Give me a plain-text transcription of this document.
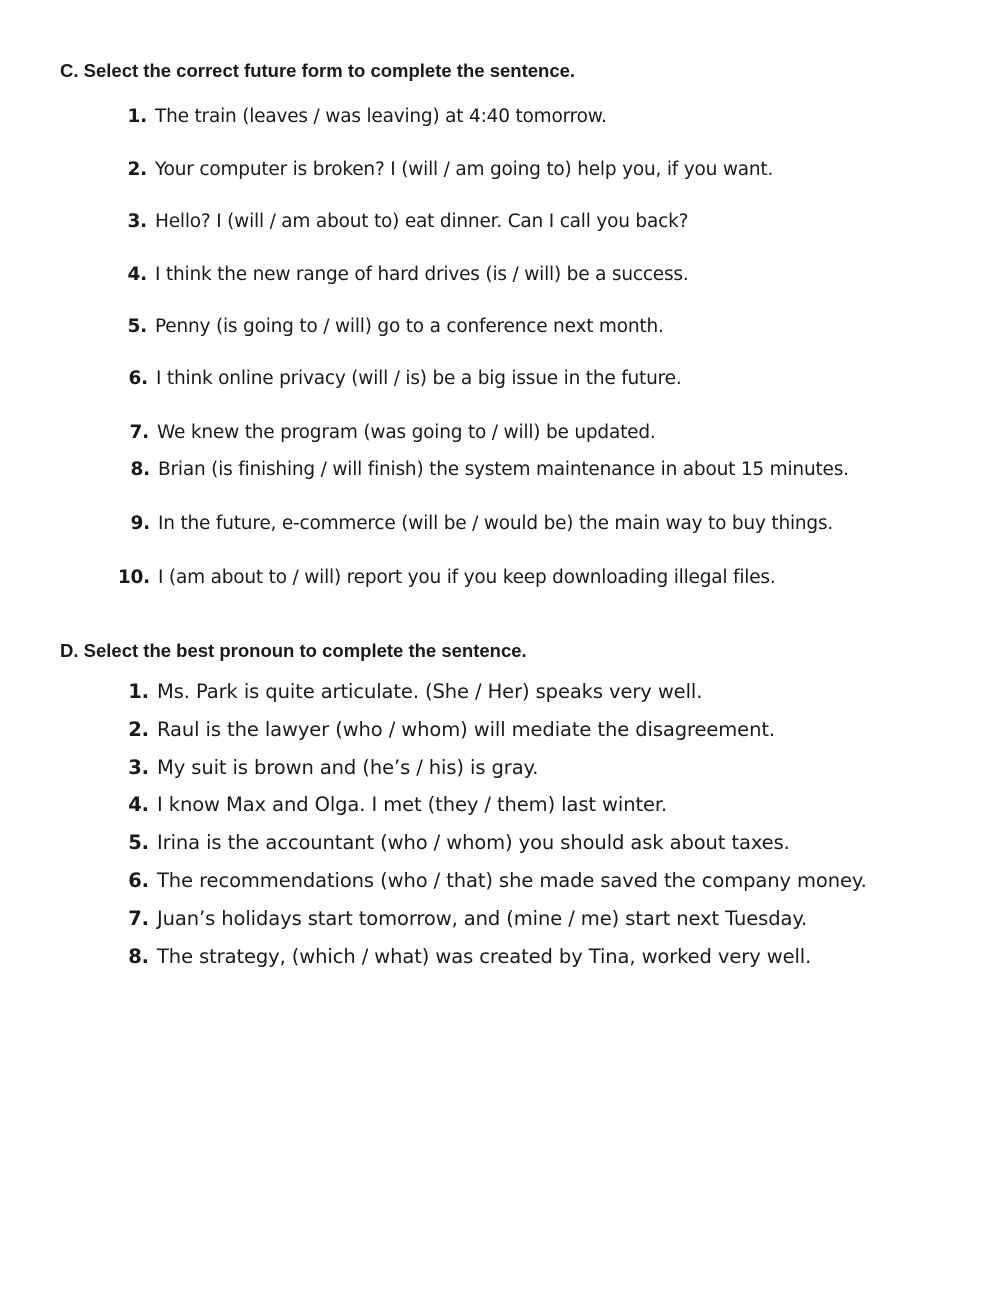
C. Select the correct future form to complete the sentence.
1. The train (leaves / was leaving) at 4:40 tomorrow.
2. Your computer is broken? I (will / am going to) help you, if you want.
3. Hello? I (will / am about to) eat dinner. Can I call you back?
4. I think the new range of hard drives (is / will) be a success.
5. Penny (is going to / will) go to a conference next month.
6. I think online privacy (will / is) be a big issue in the future.
7. We knew the program (was going to / will) be updated.
8. Brian (is finishing / will finish) the system maintenance in about 15 minutes.
9. In the future, e-commerce (will be / would be) the main way to buy things.
10. I (am about to / will) report you if you keep downloading illegal files.
D. Select the best pronoun to complete the sentence.
1. Ms. Park is quite articulate. (She / Her) speaks very well.
2. Raul is the lawyer (who / whom) will mediate the disagreement.
3. My suit is brown and (he’s / his) is gray.
4. I know Max and Olga. I met (they / them) last winter.
5. Irina is the accountant (who / whom) you should ask about taxes.
6. The recommendations (who / that) she made saved the company money.
7. Juan’s holidays start tomorrow, and (mine / me) start next Tuesday.
8. The strategy, (which / what) was created by Tina, worked very well.
